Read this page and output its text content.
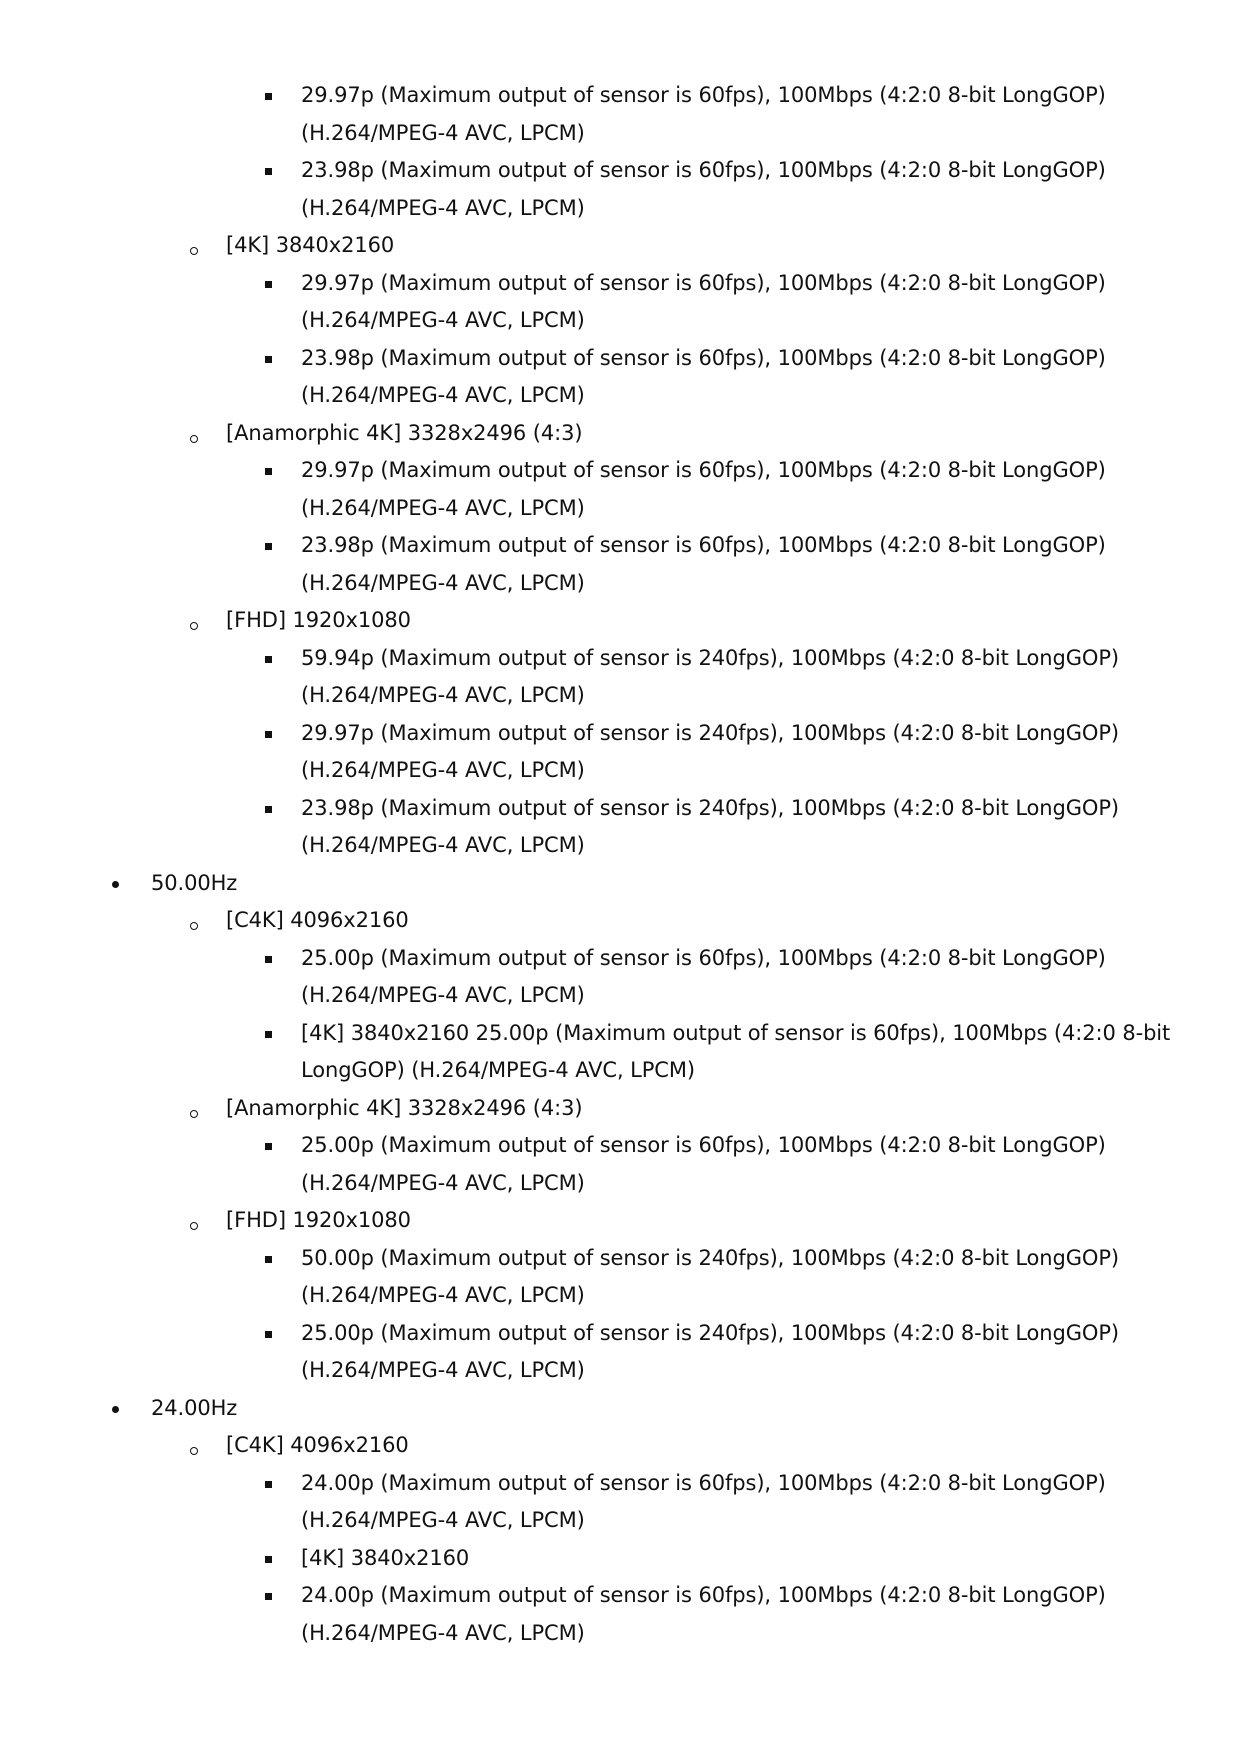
29.97p (Maximum output of sensor is 60fps), 100Mbps (4:2:0 8-bit LongGOP)
(H.264/MPEG-4 AVC, LPCM)
23.98p (Maximum output of sensor is 60fps), 100Mbps (4:2:0 8-bit LongGOP)
(H.264/MPEG-4 AVC, LPCM)
[4K] 3840x2160
29.97p (Maximum output of sensor is 60fps), 100Mbps (4:2:0 8-bit LongGOP)
(H.264/MPEG-4 AVC, LPCM)
23.98p (Maximum output of sensor is 60fps), 100Mbps (4:2:0 8-bit LongGOP)
(H.264/MPEG-4 AVC, LPCM)
[Anamorphic 4K] 3328x2496 (4:3)
29.97p (Maximum output of sensor is 60fps), 100Mbps (4:2:0 8-bit LongGOP)
(H.264/MPEG-4 AVC, LPCM)
23.98p (Maximum output of sensor is 60fps), 100Mbps (4:2:0 8-bit LongGOP)
(H.264/MPEG-4 AVC, LPCM)
[FHD] 1920x1080
59.94p (Maximum output of sensor is 240fps), 100Mbps (4:2:0 8-bit LongGOP)
(H.264/MPEG-4 AVC, LPCM)
29.97p (Maximum output of sensor is 240fps), 100Mbps (4:2:0 8-bit LongGOP)
(H.264/MPEG-4 AVC, LPCM)
23.98p (Maximum output of sensor is 240fps), 100Mbps (4:2:0 8-bit LongGOP)
(H.264/MPEG-4 AVC, LPCM)
50.00Hz
[C4K] 4096x2160
25.00p (Maximum output of sensor is 60fps), 100Mbps (4:2:0 8-bit LongGOP)
(H.264/MPEG-4 AVC, LPCM)
[4K] 3840x2160 25.00p (Maximum output of sensor is 60fps), 100Mbps (4:2:0 8-bit
LongGOP) (H.264/MPEG-4 AVC, LPCM)
[Anamorphic 4K] 3328x2496 (4:3)
25.00p (Maximum output of sensor is 60fps), 100Mbps (4:2:0 8-bit LongGOP)
(H.264/MPEG-4 AVC, LPCM)
[FHD] 1920x1080
50.00p (Maximum output of sensor is 240fps), 100Mbps (4:2:0 8-bit LongGOP)
(H.264/MPEG-4 AVC, LPCM)
25.00p (Maximum output of sensor is 240fps), 100Mbps (4:2:0 8-bit LongGOP)
(H.264/MPEG-4 AVC, LPCM)
24.00Hz
[C4K] 4096x2160
24.00p (Maximum output of sensor is 60fps), 100Mbps (4:2:0 8-bit LongGOP)
(H.264/MPEG-4 AVC, LPCM)
[4K] 3840x2160
24.00p (Maximum output of sensor is 60fps), 100Mbps (4:2:0 8-bit LongGOP)
(H.264/MPEG-4 AVC, LPCM)
